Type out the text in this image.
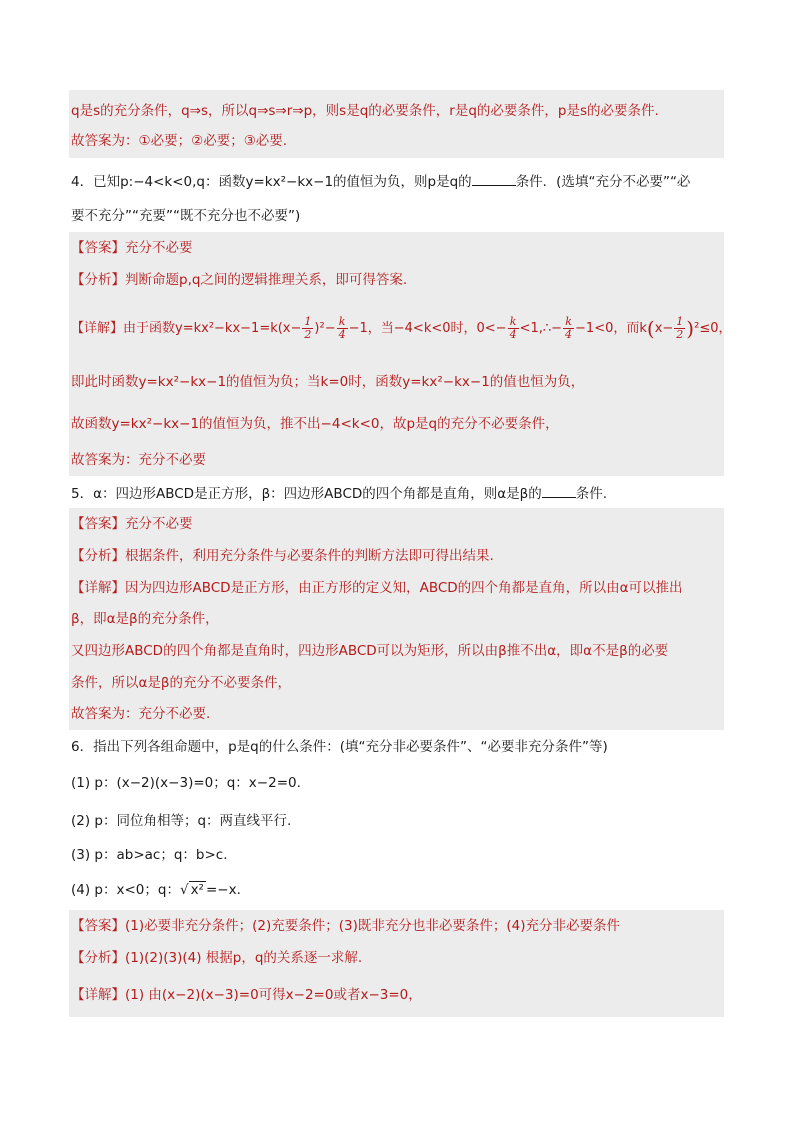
q是s的充分条件，q⇒s，所以q⇒s⇒r⇒p，则s是q的必要条件，r是q的必要条件，p是s的必要条件.
故答案为：①必要；②必要；③必要.
4．已知p:−4<k<0,q：函数y=kx²−kx−1的值恒为负，则p是q的	条件．(选填“充分不必要”“必
要不充分”“充要”“既不充分也不必要”)
【答案】充分不必要
【分析】判断命题p,q之间的逻辑推理关系，即可得答案.
【详解】由于函数$y=kx^2-kx-1=k(x- \frac{1}{2} )^2- \frac{k}{4} -1$，当−4<k<0时，$0<- \frac{k}{4}$ <1,∴− $\frac{k}{4} -1<0$，而$k(x- \frac{1}{2} )^2\le 0$，
即此时函数y=kx²−kx−1的值恒为负；当k=0时，函数y=kx²−kx−1的值也恒为负，
故函数y=kx²−kx−1的值恒为负，推不出−4<k<0，故p是q的充分不必要条件，
故答案为：充分不必要
5．α：四边形ABCD是正方形，β：四边形ABCD的四个角都是直角，则α是β的	条件.
【答案】充分不必要
【分析】根据条件，利用充分条件与必要条件的判断方法即可得出结果.
【详解】因为四边形ABCD是正方形，由正方形的定义知，ABCD的四个角都是直角，所以由α可以推出
β，即α是β的充分条件，
又四边形ABCD的四个角都是直角时，四边形ABCD可以为矩形，所以由β推不出α，即α不是β的必要
条件，所以α是β的充分不必要条件，
故答案为：充分不必要.
6．指出下列各组命题中，p是q的什么条件：(填“充分非必要条件”、“必要非充分条件”等)
(1) p：(x−2)(x−3)=0；q：x−2=0.
(2) p：同位角相等；q：两直线平行.
(3) p：ab>ac；q：b>c.
(4) p：x<0；q：√ x² =−x.
【答案】(1)必要非充分条件；(2)充要条件；(3)既非充分也非必要条件；(4)充分非必要条件
【分析】(1)(2)(3)(4) 根据p，q的关系逐一求解.
【详解】(1) 由(x−2)(x−3)=0可得x−2=0或者x−3=0，
